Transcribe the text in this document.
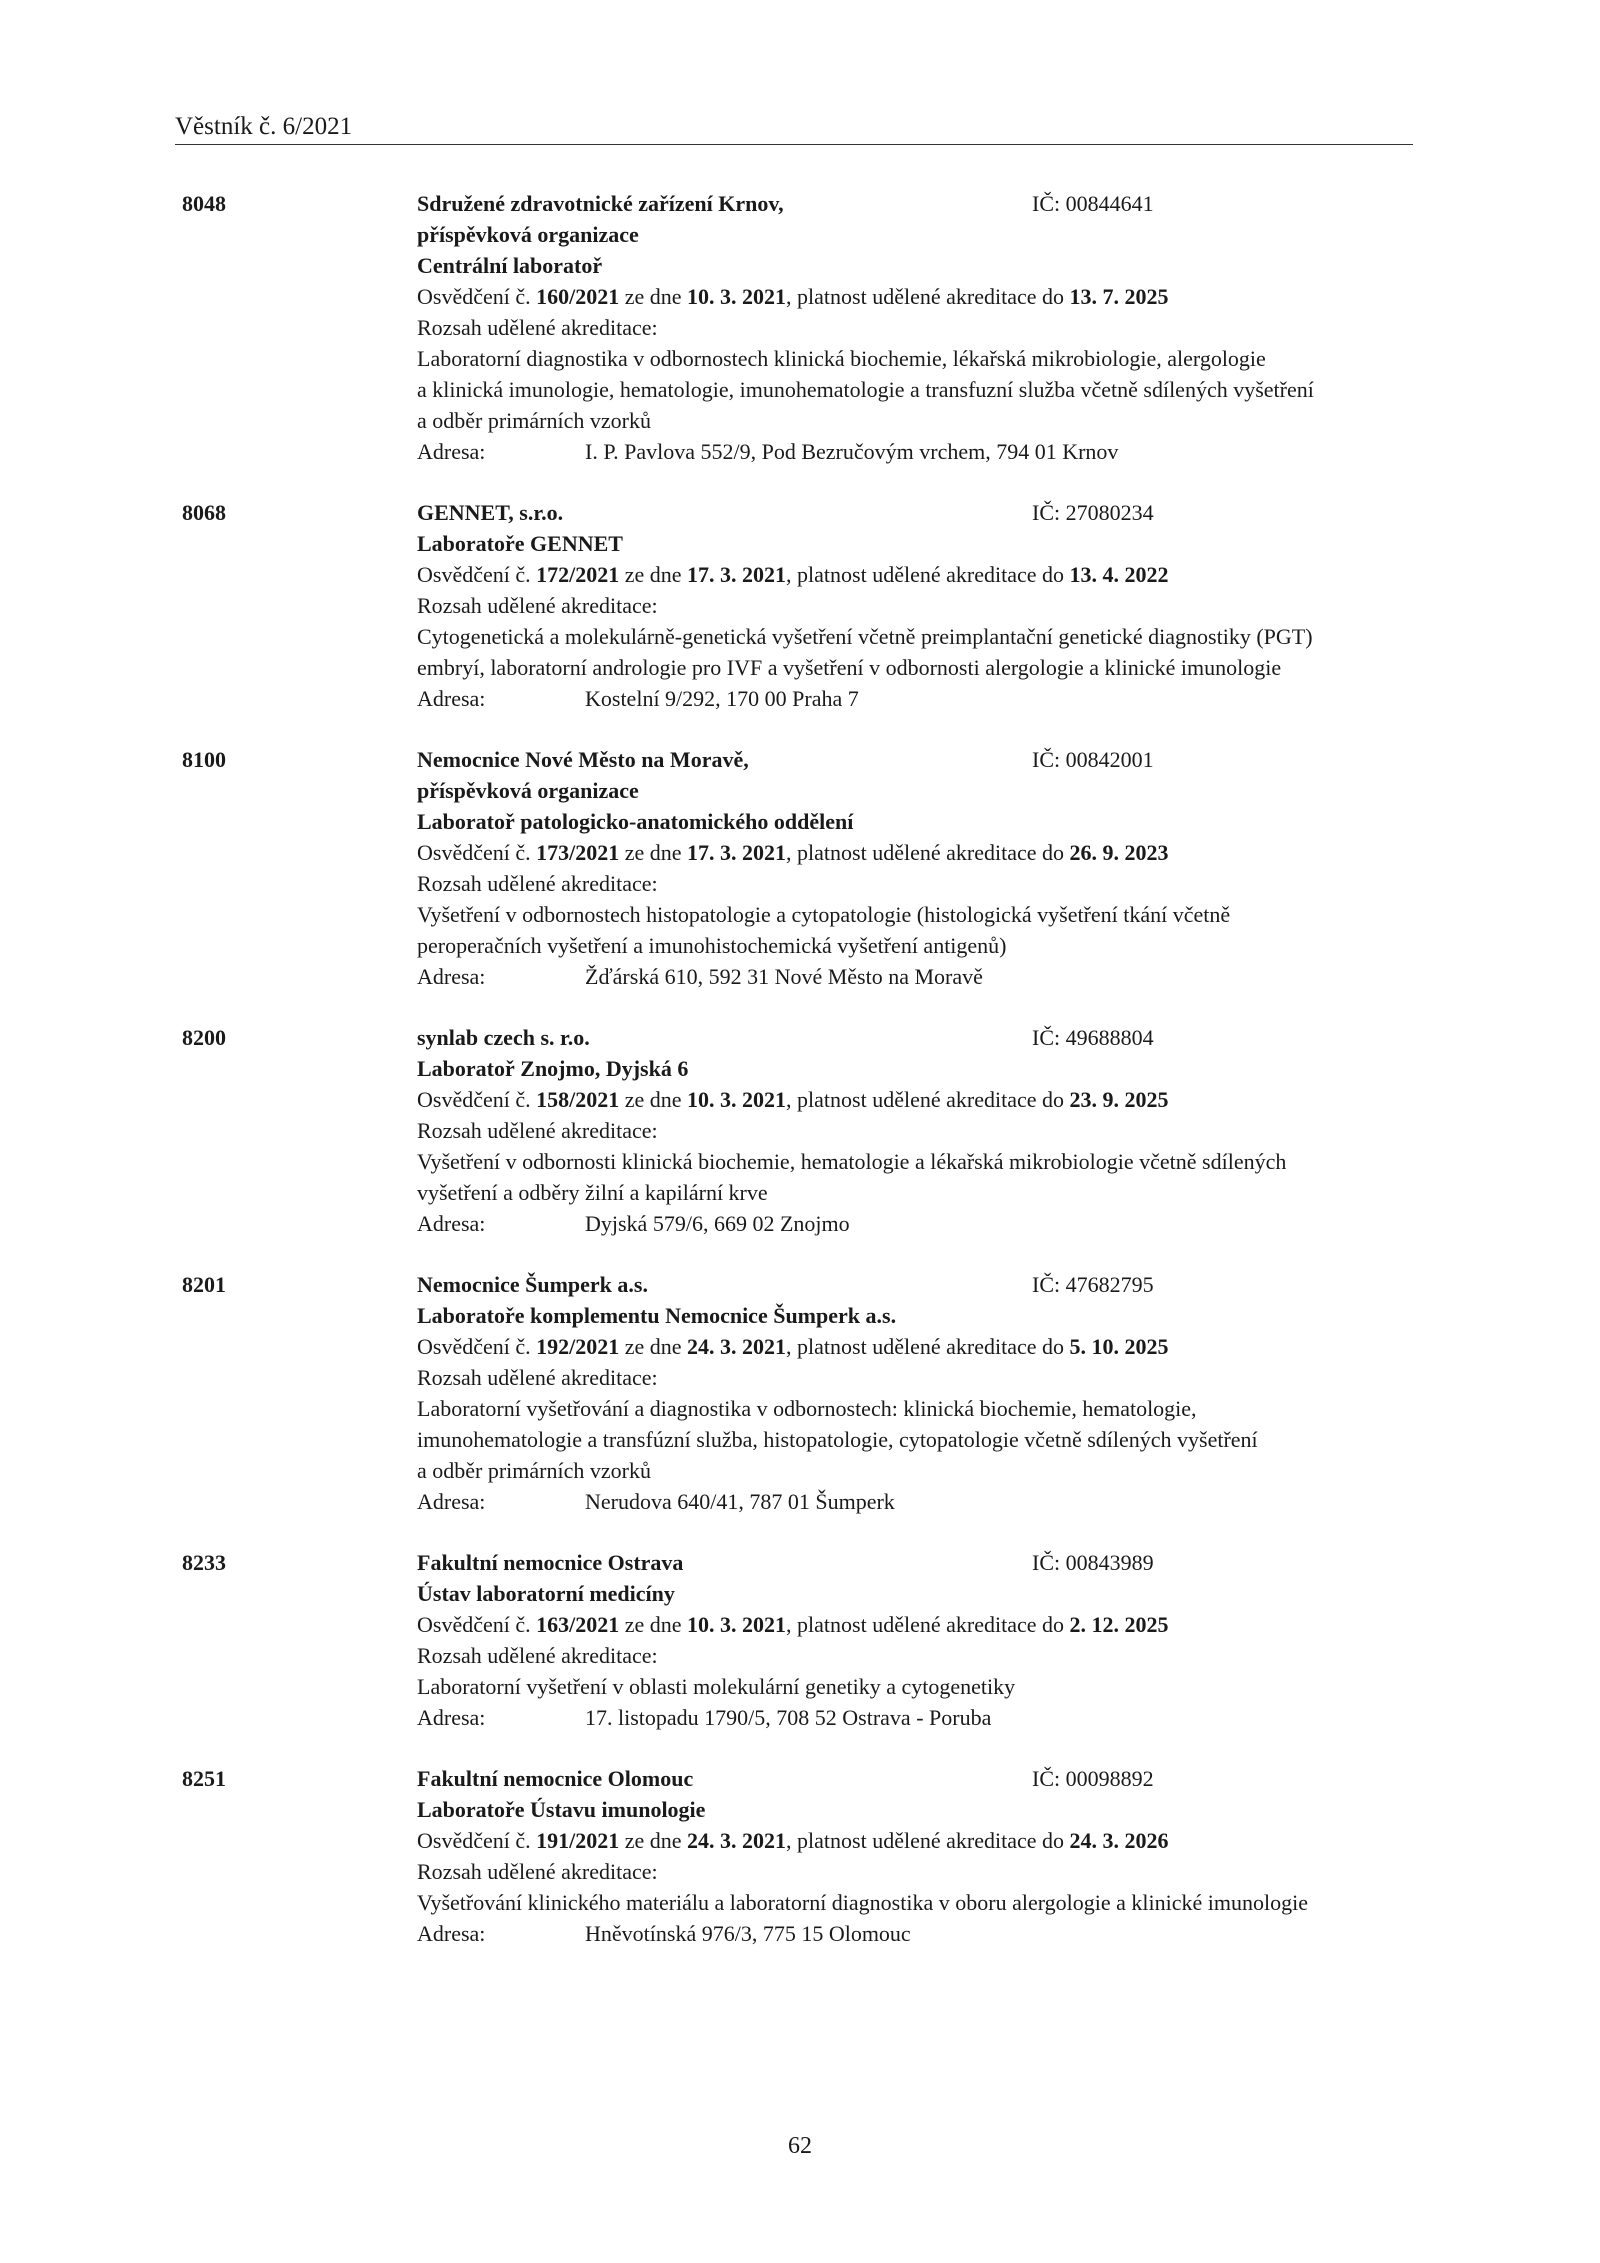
Věstník č. 6/2021
8048	Sdružené zdravotnické zařízení Krnov,	IČ: 00844641
příspěvková organizace
Centrální laboratoř
Osvědčení č. 160/2021 ze dne 10. 3. 2021, platnost udělené akreditace do 13. 7. 2025
Rozsah udělené akreditace:
Laboratorní diagnostika v odbornostech klinická biochemie, lékařská mikrobiologie, alergologie
a klinická imunologie, hematologie, imunohematologie a transfuzní služba včetně sdílených vyšetření
a odběr primárních vzorků
Adresa:	I. P. Pavlova 552/9, Pod Bezručovým vrchem, 794 01 Krnov
8068	GENNET, s.r.o.	IČ: 27080234
Laboratoře GENNET
Osvědčení č. 172/2021 ze dne 17. 3. 2021, platnost udělené akreditace do 13. 4. 2022
Rozsah udělené akreditace:
Cytogenetická a molekulárně-genetická vyšetření včetně preimplantační genetické diagnostiky (PGT)
embryí, laboratorní andrologie pro IVF a vyšetření v odbornosti alergologie a klinické imunologie
Adresa:	Kostelní 9/292, 170 00 Praha 7
8100	Nemocnice Nové Město na Moravě,	IČ: 00842001
příspěvková organizace
Laboratoř patologicko-anatomického oddělení
Osvědčení č. 173/2021 ze dne 17. 3. 2021, platnost udělené akreditace do 26. 9. 2023
Rozsah udělené akreditace:
Vyšetření v odbornostech histopatologie a cytopatologie (histologická vyšetření tkání včetně
peroperačních vyšetření a imunohistochemická vyšetření antigenů)
Adresa:	Žďárská 610, 592 31 Nové Město na Moravě
8200	synlab czech s. r.o.	IČ: 49688804
Laboratoř Znojmo, Dyjská 6
Osvědčení č. 158/2021 ze dne 10. 3. 2021, platnost udělené akreditace do 23. 9. 2025
Rozsah udělené akreditace:
Vyšetření v odbornosti klinická biochemie, hematologie a lékařská mikrobiologie včetně sdílených
vyšetření a odběry žilní a kapilární krve
Adresa:	Dyjská 579/6, 669 02 Znojmo
8201	Nemocnice Šumperk a.s.	IČ: 47682795
Laboratoře komplementu Nemocnice Šumperk a.s.
Osvědčení č. 192/2021 ze dne 24. 3. 2021, platnost udělené akreditace do 5. 10. 2025
Rozsah udělené akreditace:
Laboratorní vyšetřování a diagnostika v odbornostech: klinická biochemie, hematologie,
imunohematologie a transfúzní služba, histopatologie, cytopatologie včetně sdílených vyšetření
a odběr primárních vzorků
Adresa:	Nerudova 640/41, 787 01 Šumperk
8233	Fakultní nemocnice Ostrava	IČ: 00843989
Ústav laboratorní medicíny
Osvědčení č. 163/2021 ze dne 10. 3. 2021, platnost udělené akreditace do 2. 12. 2025
Rozsah udělené akreditace:
Laboratorní vyšetření v oblasti molekulární genetiky a cytogenetiky
Adresa:	17. listopadu 1790/5, 708 52 Ostrava - Poruba
8251	Fakultní nemocnice Olomouc	IČ: 00098892
Laboratoře Ústavu imunologie
Osvědčení č. 191/2021 ze dne 24. 3. 2021, platnost udělené akreditace do 24. 3. 2026
Rozsah udělené akreditace:
Vyšetřování klinického materiálu a laboratorní diagnostika v oboru alergologie a klinické imunologie
Adresa:	Hněvotínská 976/3, 775 15 Olomouc
62
